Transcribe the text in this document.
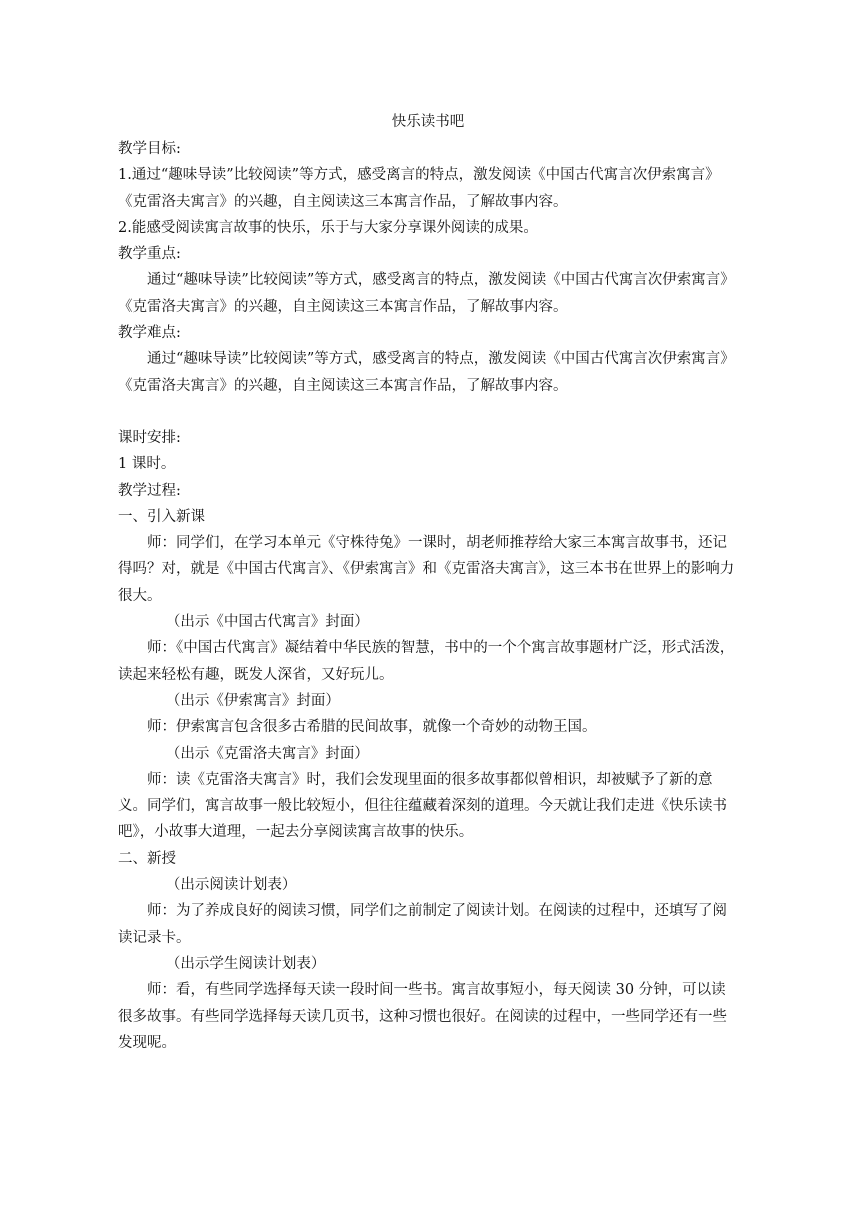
快乐读书吧
教学目标:
1.通过“趣味导读”比较阅读”等方式，感受离言的特点，激发阅读《中国古代寓言次伊索寓言》《克雷洛夫寓言》的兴趣，自主阅读这三本寓言作品，了解故事内容。
2.能感受阅读寓言故事的快乐，乐于与大家分享课外阅读的成果。
教学重点:
通过“趣味导读”比较阅读”等方式，感受离言的特点，激发阅读《中国古代寓言次伊索寓言》《克雷洛夫寓言》的兴趣，自主阅读这三本寓言作品，了解故事内容。
教学难点:
通过“趣味导读”比较阅读”等方式，感受离言的特点，激发阅读《中国古代寓言次伊索寓言》《克雷洛夫寓言》的兴趣，自主阅读这三本寓言作品，了解故事内容。
课时安排:
1 课时。
教学过程:
一、引入新课
师：同学们，在学习本单元《守株待兔》一课时，胡老师推荐给大家三本寓言故事书，还记得吗？对，就是《中国古代寓言》、《伊索寓言》和《克雷洛夫寓言》，这三本书在世界上的影响力很大。
（出示《中国古代寓言》封面）
师：《中国古代寓言》凝结着中华民族的智慧，书中的一个个寓言故事题材广泛，形式活泼，读起来轻松有趣，既发人深省，又好玩儿。
（出示《伊索寓言》封面）
师：伊索寓言包含很多古希腊的民间故事，就像一个奇妙的动物王国。
（出示《克雷洛夫寓言》封面）
师：读《克雷洛夫寓言》时，我们会发现里面的很多故事都似曾相识，却被赋予了新的意义。同学们，寓言故事一般比较短小，但往往蕴藏着深刻的道理。今天就让我们走进《快乐读书吧》，小故事大道理，一起去分享阅读寓言故事的快乐。
二、新授
（出示阅读计划表）
师：为了养成良好的阅读习惯，同学们之前制定了阅读计划。在阅读的过程中，还填写了阅读记录卡。
（出示学生阅读计划表）
师：看，有些同学选择每天读一段时间一些书。寓言故事短小，每天阅读 30 分钟，可以读很多故事。有些同学选择每天读几页书，这种习惯也很好。在阅读的过程中，一些同学还有一些发现呢。
